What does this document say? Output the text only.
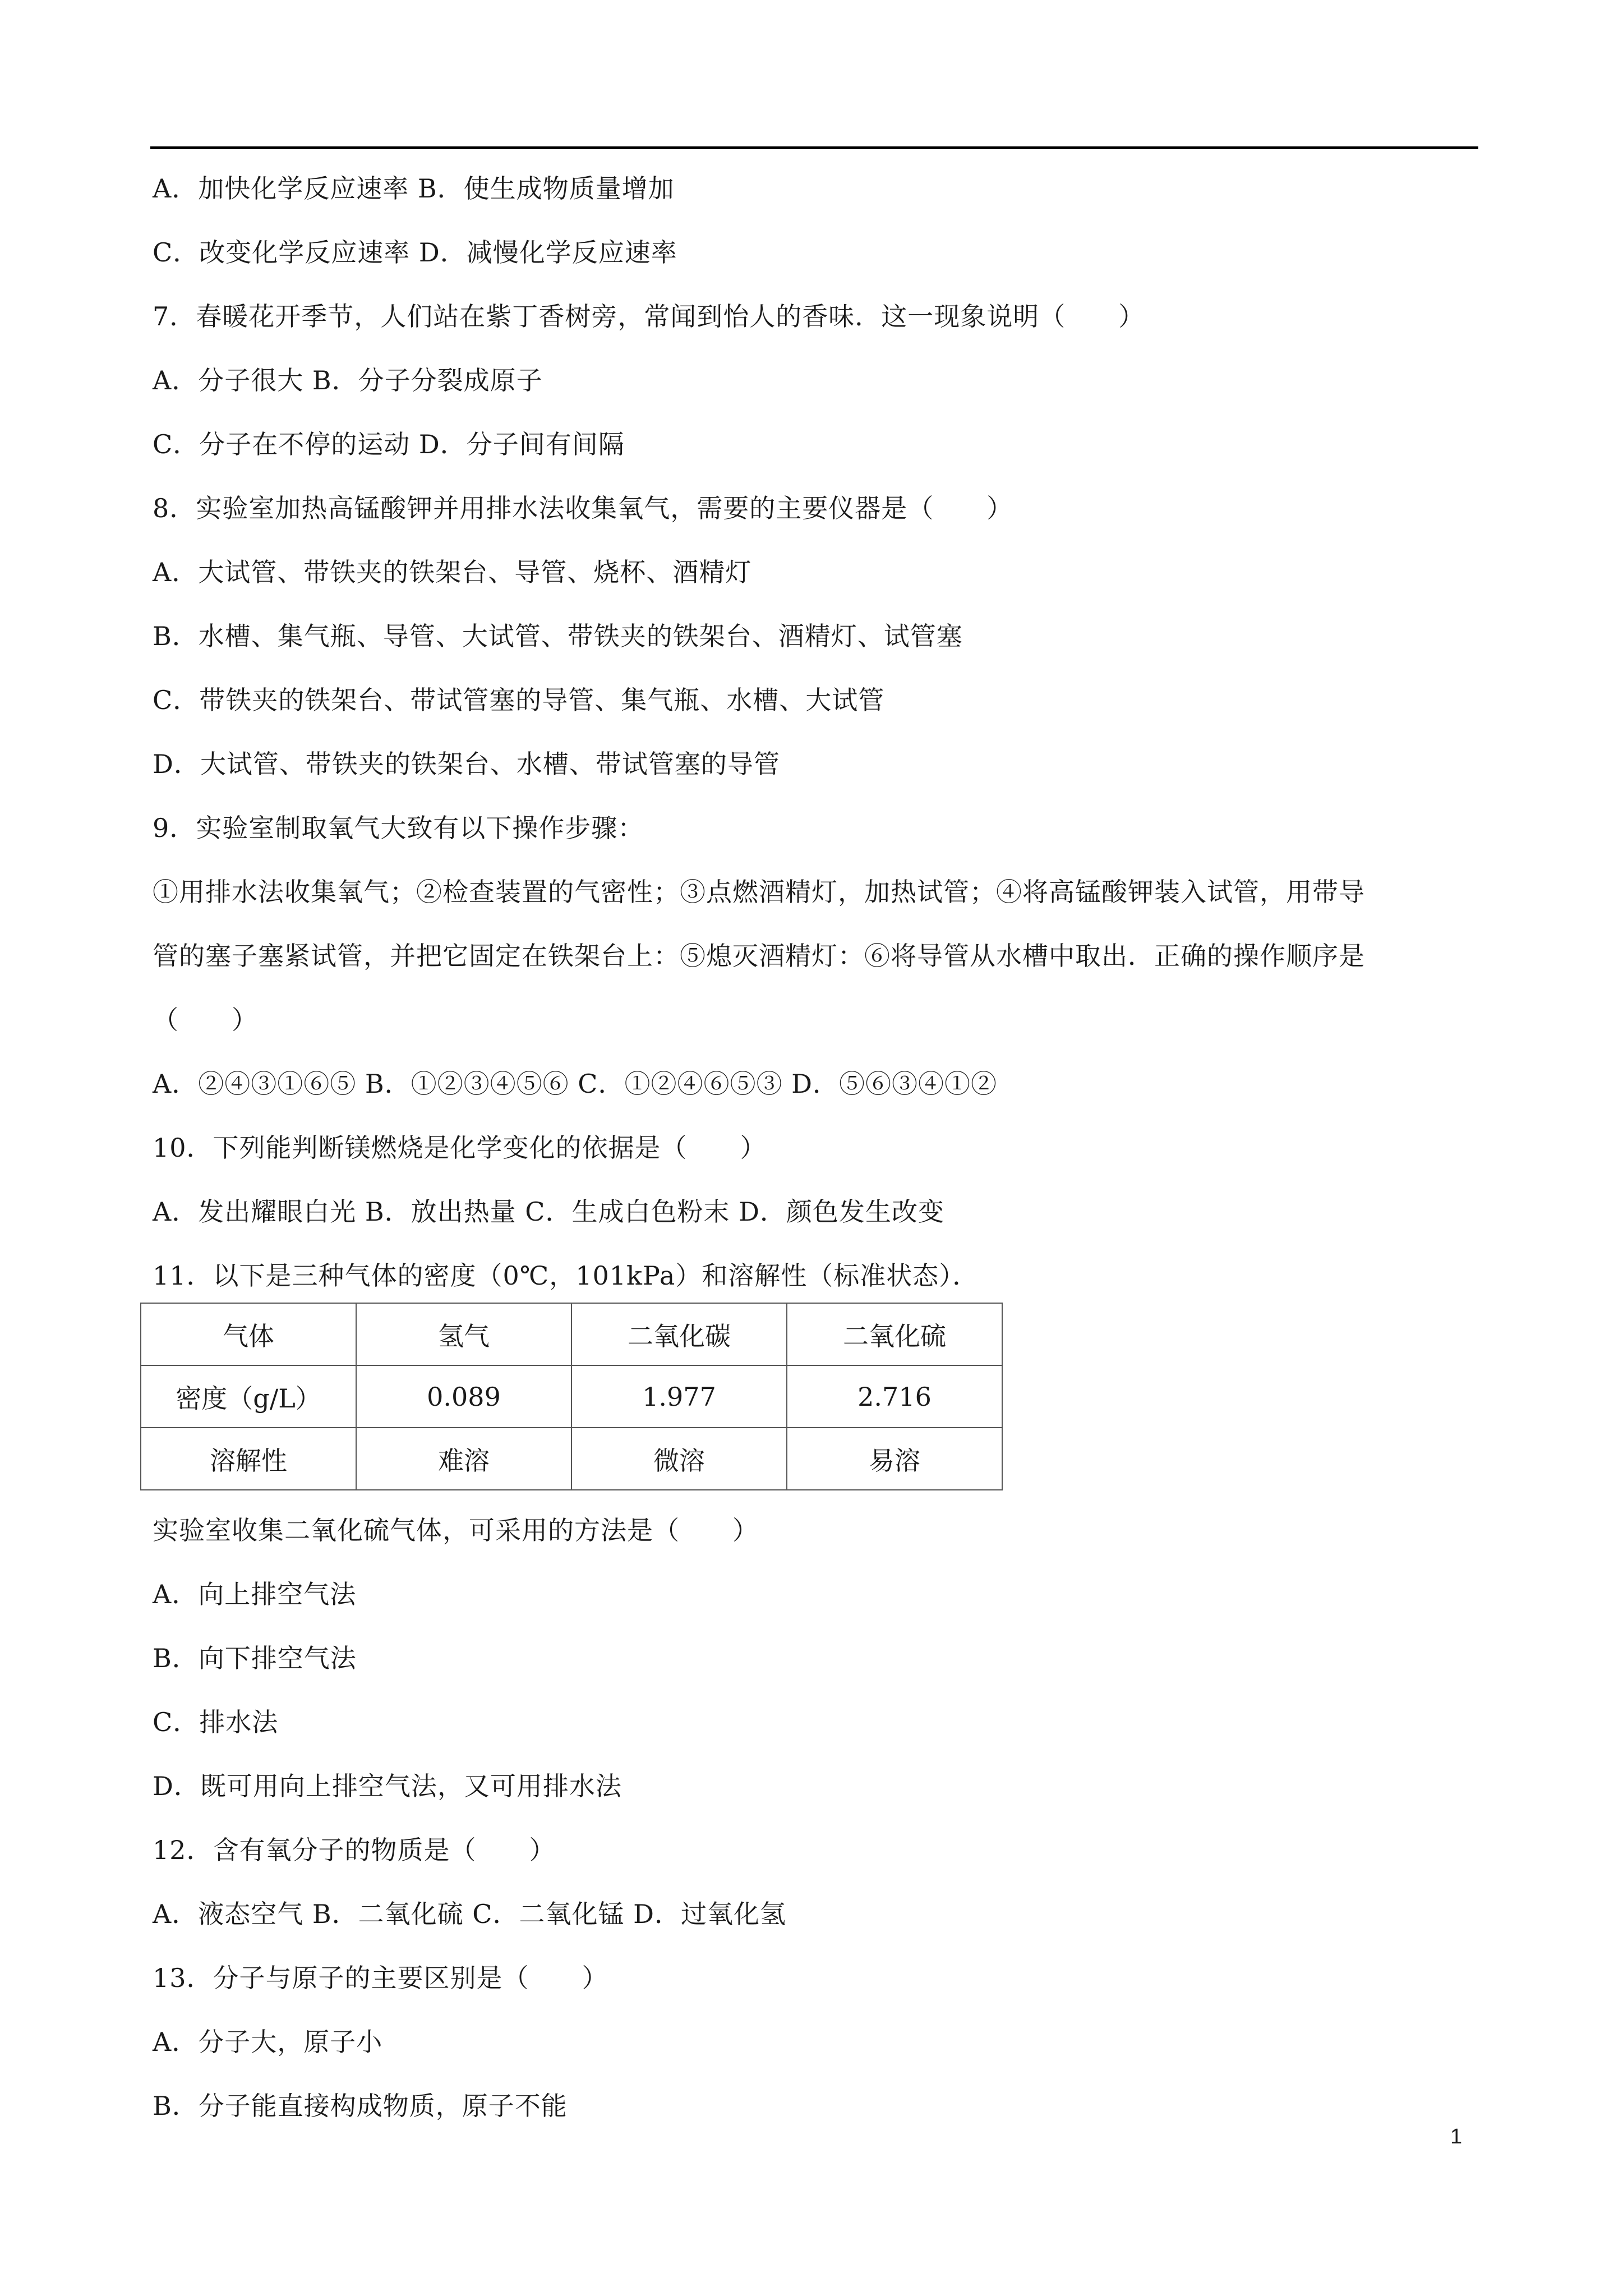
A．加快化学反应速率 B．使生成物质量增加
C．改变化学反应速率 D．减慢化学反应速率
7．春暖花开季节，人们站在紫丁香树旁，常闻到怡人的香味．这一现象说明（　　）
A．分子很大 B．分子分裂成原子
C．分子在不停的运动 D．分子间有间隔
8．实验室加热高锰酸钾并用排水法收集氧气，需要的主要仪器是（　　）
A．大试管、带铁夹的铁架台、导管、烧杯、酒精灯
B．水槽、集气瓶、导管、大试管、带铁夹的铁架台、酒精灯、试管塞
C．带铁夹的铁架台、带试管塞的导管、集气瓶、水槽、大试管
D．大试管、带铁夹的铁架台、水槽、带试管塞的导管
9．实验室制取氧气大致有以下操作步骤：
①用排水法收集氧气；②检查装置的气密性；③点燃酒精灯，加热试管；④将高锰酸钾装入试管，用带导
管的塞子塞紧试管，并把它固定在铁架台上：⑤熄灭酒精灯：⑥将导管从水槽中取出．正确的操作顺序是
（　　）
A．②④③①⑥⑤ B．①②③④⑤⑥ C．①②④⑥⑤③ D．⑤⑥③④①②
10．下列能判断镁燃烧是化学变化的依据是（　　）
A．发出耀眼白光 B．放出热量 C．生成白色粉末 D．颜色发生改变
11．以下是三种气体的密度（0℃，101kPa）和溶解性（标准状态）．
气体	氢气	二氧化碳	二氧化硫
密度（g/L）	0.089	1.977	2.716
溶解性	难溶	微溶	易溶
实验室收集二氧化硫气体，可采用的方法是（　　）
A．向上排空气法
B．向下排空气法
C．排水法
D．既可用向上排空气法，又可用排水法
12．含有氧分子的物质是（　　）
A．液态空气 B．二氧化硫 C．二氧化锰 D．过氧化氢
13．分子与原子的主要区别是（　　）
A．分子大，原子小
B．分子能直接构成物质，原子不能
1
